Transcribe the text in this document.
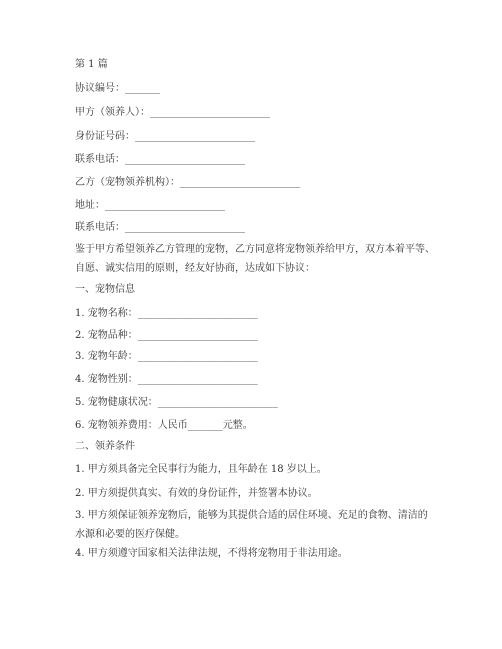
第 1 篇
协议编号：_______
甲方（领养人）：________________________
身份证号码：________________________
联系电话：________________________
乙方（宠物领养机构）：________________________
地址：________________________
联系电话：________________________
鉴于甲方希望领养乙方管理的宠物，乙方同意将宠物领养给甲方，双方本着平等、自愿、诚实信用的原则，经友好协商，达成如下协议：
一、宠物信息
1. 宠物名称：________________________
2. 宠物品种：________________________
3. 宠物年龄：________________________
4. 宠物性别：________________________
5. 宠物健康状况：________________________
6. 宠物领养费用：人民币_______元整。
二、领养条件
1. 甲方须具备完全民事行为能力，且年龄在 18 岁以上。
2. 甲方须提供真实、有效的身份证件，并签署本协议。
3. 甲方须保证领养宠物后，能够为其提供合适的居住环境、充足的食物、清洁的水源和必要的医疗保健。
4. 甲方须遵守国家相关法律法规，不得将宠物用于非法用途。
